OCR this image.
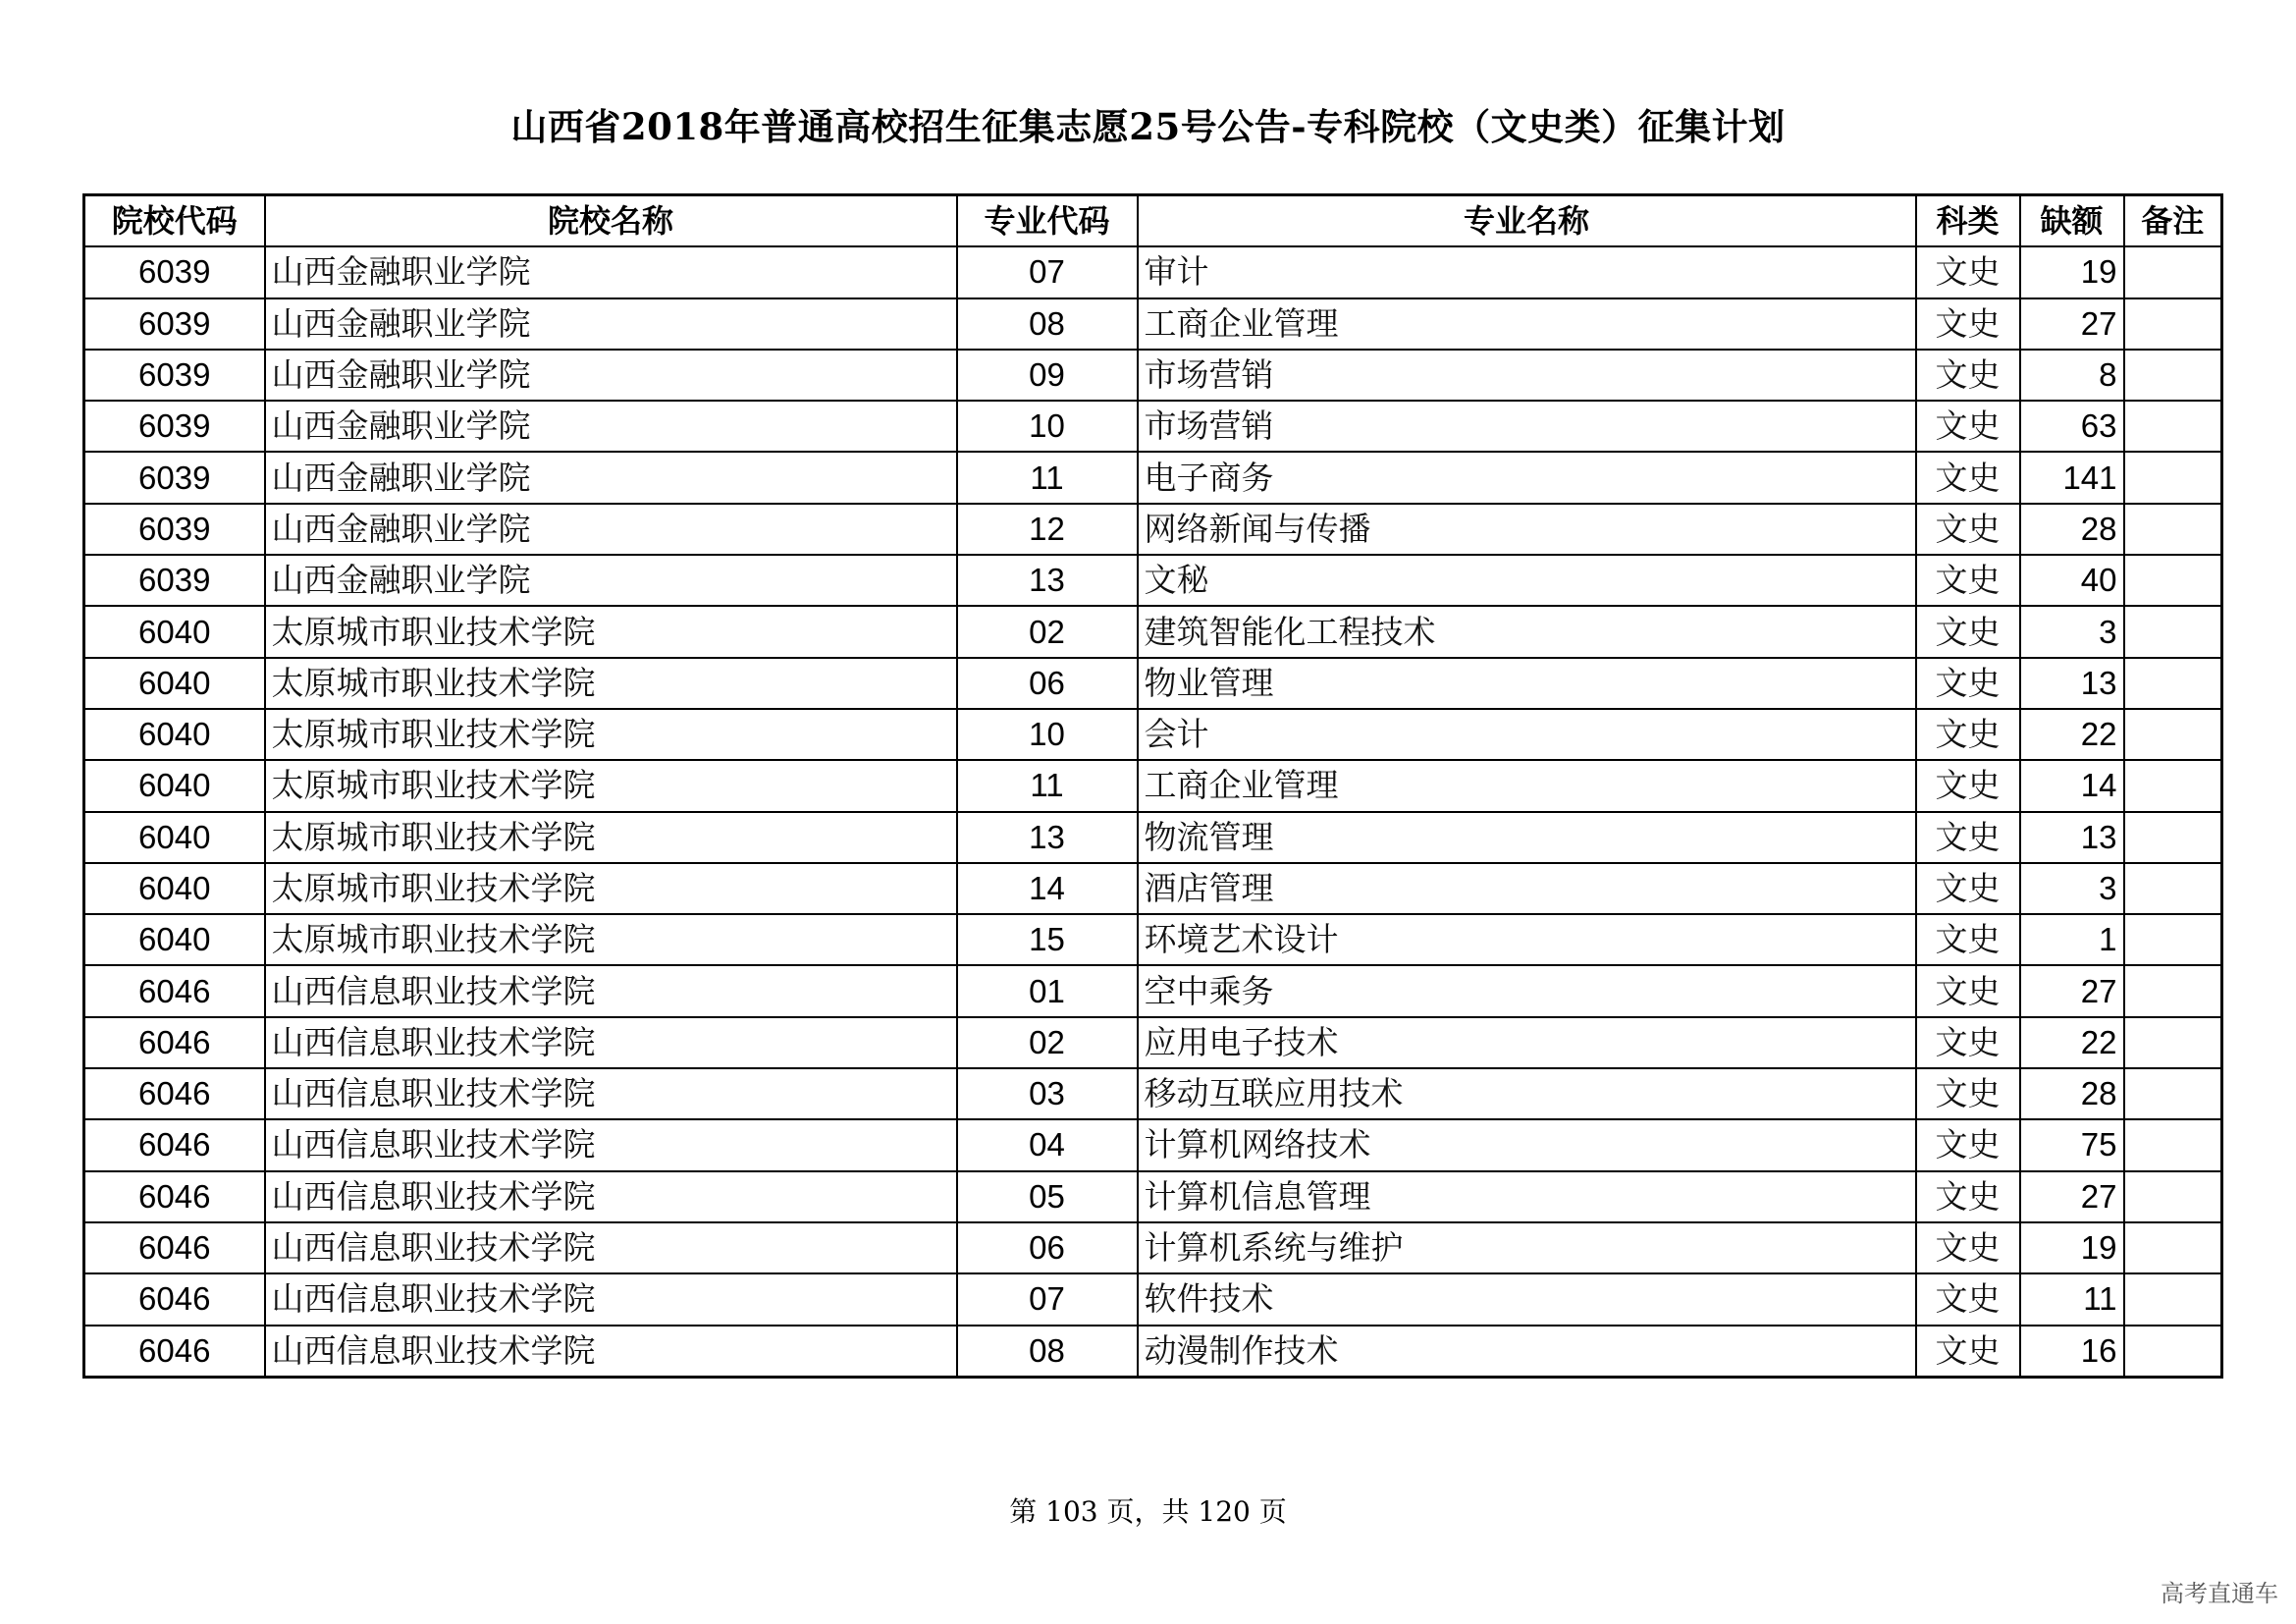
山西省2018年普通高校招生征集志愿25号公告-专科院校（文史类）征集计划
院校代码	院校名称	专业代码	专业名称	科类	缺额	备注
6039	山西金融职业学院	07	审计	文史	19	
6039	山西金融职业学院	08	工商企业管理	文史	27	
6039	山西金融职业学院	09	市场营销	文史	8	
6039	山西金融职业学院	10	市场营销	文史	63	
6039	山西金融职业学院	11	电子商务	文史	141	
6039	山西金融职业学院	12	网络新闻与传播	文史	28	
6039	山西金融职业学院	13	文秘	文史	40	
6040	太原城市职业技术学院	02	建筑智能化工程技术	文史	3	
6040	太原城市职业技术学院	06	物业管理	文史	13	
6040	太原城市职业技术学院	10	会计	文史	22	
6040	太原城市职业技术学院	11	工商企业管理	文史	14	
6040	太原城市职业技术学院	13	物流管理	文史	13	
6040	太原城市职业技术学院	14	酒店管理	文史	3	
6040	太原城市职业技术学院	15	环境艺术设计	文史	1	
6046	山西信息职业技术学院	01	空中乘务	文史	27	
6046	山西信息职业技术学院	02	应用电子技术	文史	22	
6046	山西信息职业技术学院	03	移动互联应用技术	文史	28	
6046	山西信息职业技术学院	04	计算机网络技术	文史	75	
6046	山西信息职业技术学院	05	计算机信息管理	文史	27	
6046	山西信息职业技术学院	06	计算机系统与维护	文史	19	
6046	山西信息职业技术学院	07	软件技术	文史	11	
6046	山西信息职业技术学院	08	动漫制作技术	文史	16	
第 103 页，共 120 页
高考直通车
